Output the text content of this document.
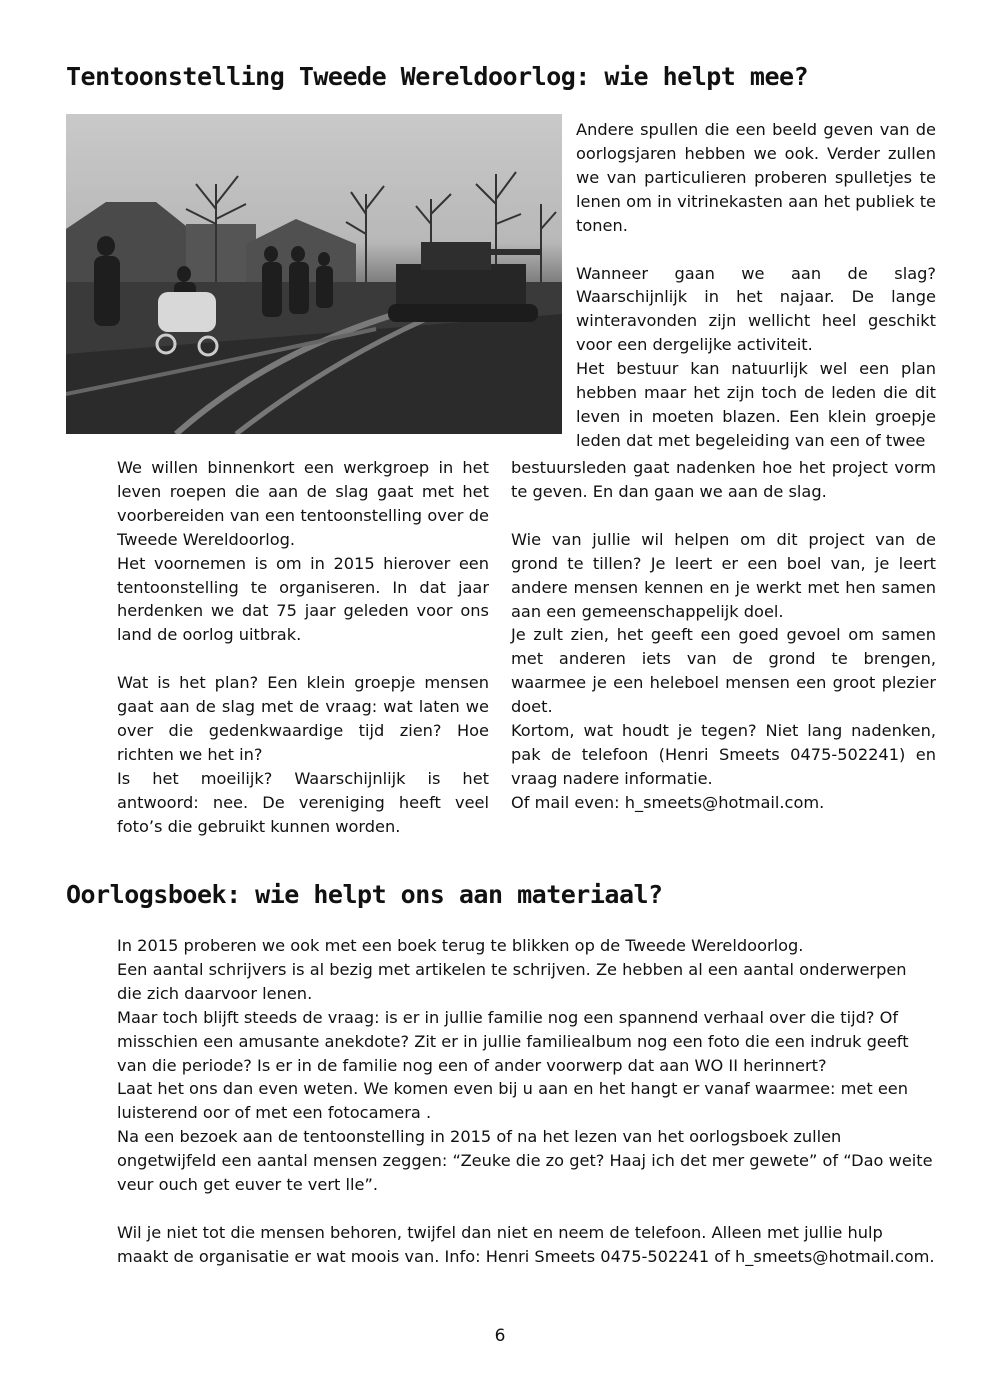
Tentoonstelling Tweede Wereldoorlog: wie helpt mee?

Andere spullen die een beeld geven van de oorlogsjaren hebben we ook. Verder zullen we van particulieren proberen spulletjes te lenen om in vitrinekasten aan het publiek te tonen.

Wanneer gaan we aan de slag? Waarschijnlijk in het najaar. De lange winteravonden zijn wellicht heel geschikt voor een dergelijke activiteit.

Het bestuur kan natuurlijk wel een plan hebben maar het zijn toch de leden die dit leven in moeten blazen. Een klein groepje leden dat met begeleiding van een of twee

We willen binnenkort een werkgroep in het leven roepen die aan de slag gaat met het voorbereiden van een tentoonstelling over de Tweede Wereldoorlog.

Het voornemen is om in 2015 hierover een tentoonstelling te organiseren. In dat jaar herdenken we dat 75 jaar geleden voor ons land de oorlog uitbrak.

Wat is het plan? Een klein groepje mensen gaat aan de slag met de vraag: wat laten we over die gedenkwaardige tijd zien? Hoe richten we het in?

Is het moeilijk? Waarschijnlijk is het antwoord: nee. De vereniging heeft veel foto’s die gebruikt kunnen worden.

bestuursleden gaat nadenken hoe het project vorm te geven. En dan gaan we aan de slag.

Wie van jullie wil helpen om dit project van de grond te tillen? Je leert er een boel van, je leert andere mensen kennen en je werkt met hen samen aan een gemeenschappelijk doel.

Je zult zien, het geeft een goed gevoel om samen met anderen iets van de grond te brengen, waarmee je een heleboel mensen een groot plezier doet.

Kortom, wat houdt je tegen? Niet lang nadenken, pak de telefoon (Henri Smeets 0475-502241) en vraag nadere informatie.

Of mail even: h_smeets@hotmail.com.

Oorlogsboek: wie helpt ons aan materiaal?

In 2015 proberen we ook met een boek terug te blikken op de Tweede Wereldoorlog.

Een aantal schrijvers is al bezig met artikelen te schrijven. Ze hebben al een aantal onderwerpen die zich daarvoor lenen.

Maar toch blijft steeds de vraag: is er in jullie familie nog een spannend verhaal over die tijd? Of misschien een amusante anekdote? Zit er in jullie familiealbum nog een foto die een indruk geeft van die periode? Is er in de familie nog een of ander voorwerp dat aan WO II herinnert?

Laat het ons dan even weten. We komen even bij u aan en het hangt er vanaf waarmee: met een luisterend oor of met een fotocamera .

Na een bezoek aan de tentoonstelling in 2015 of na het lezen van het oorlogsboek zullen ongetwijfeld een aantal mensen zeggen: “Zeuke die zo get? Haaj ich det mer gewete” of “Dao weite veur ouch get euver te vert lle”.

Wil je niet tot die mensen behoren, twijfel dan niet en neem de telefoon. Alleen met jullie hulp maakt de organisatie er wat moois van. Info: Henri Smeets 0475-502241 of h_smeets@hotmail.com.

6
